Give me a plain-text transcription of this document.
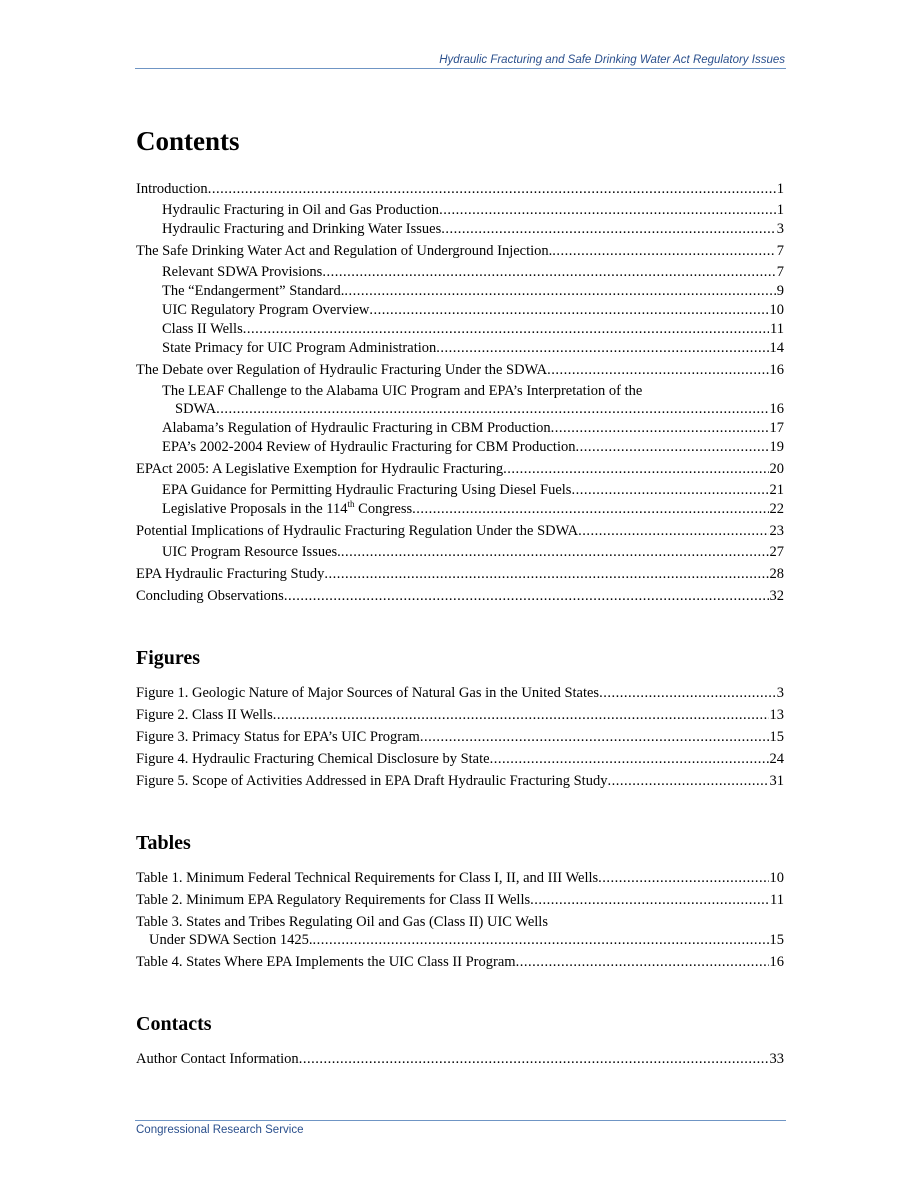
Hydraulic Fracturing and Safe Drinking Water Act Regulatory Issues
Contents
Introduction .....	1
Hydraulic Fracturing in Oil and Gas Production .....	1
Hydraulic Fracturing and Drinking Water Issues .....	3
The Safe Drinking Water Act and Regulation of Underground Injection. .....	7
Relevant SDWA Provisions .....	7
The “Endangerment” Standard. .....	9
UIC Regulatory Program Overview .....	10
Class II Wells .....	11
State Primacy for UIC Program Administration .....	14
The Debate over Regulation of Hydraulic Fracturing Under the SDWA .....	16
The LEAF Challenge to the Alabama UIC Program and EPA’s Interpretation of the
SDWA .....	16
Alabama’s Regulation of Hydraulic Fracturing in CBM Production .....	17
EPA’s 2002-2004 Review of Hydraulic Fracturing for CBM Production .....	19
EPAct 2005: A Legislative Exemption for Hydraulic Fracturing .....	20
EPA Guidance for Permitting Hydraulic Fracturing Using Diesel Fuels .....	21
Legislative Proposals in the 114th Congress .....	22
Potential Implications of Hydraulic Fracturing Regulation Under the SDWA .....	23
UIC Program Resource Issues. .....	27
EPA Hydraulic Fracturing Study .....	28
Concluding Observations .....	32
Figures
Figure 1. Geologic Nature of Major Sources of Natural Gas in the United States .....	3
Figure 2. Class II Wells .....	13
Figure 3. Primacy Status for EPA’s UIC Program .....	15
Figure 4. Hydraulic Fracturing Chemical Disclosure by State .....	24
Figure 5. Scope of Activities Addressed in EPA Draft Hydraulic Fracturing Study .....	31
Tables
Table 1. Minimum Federal Technical Requirements for Class I, II, and III Wells .....	10
Table 2. Minimum EPA Regulatory Requirements for Class II Wells .....	11
Table 3. States and Tribes Regulating Oil and Gas (Class II) UIC Wells
Under SDWA Section 1425. .....	15
Table 4. States Where EPA Implements the UIC Class II Program .....	16
Contacts
Author Contact Information .....	33
Congressional Research Service
